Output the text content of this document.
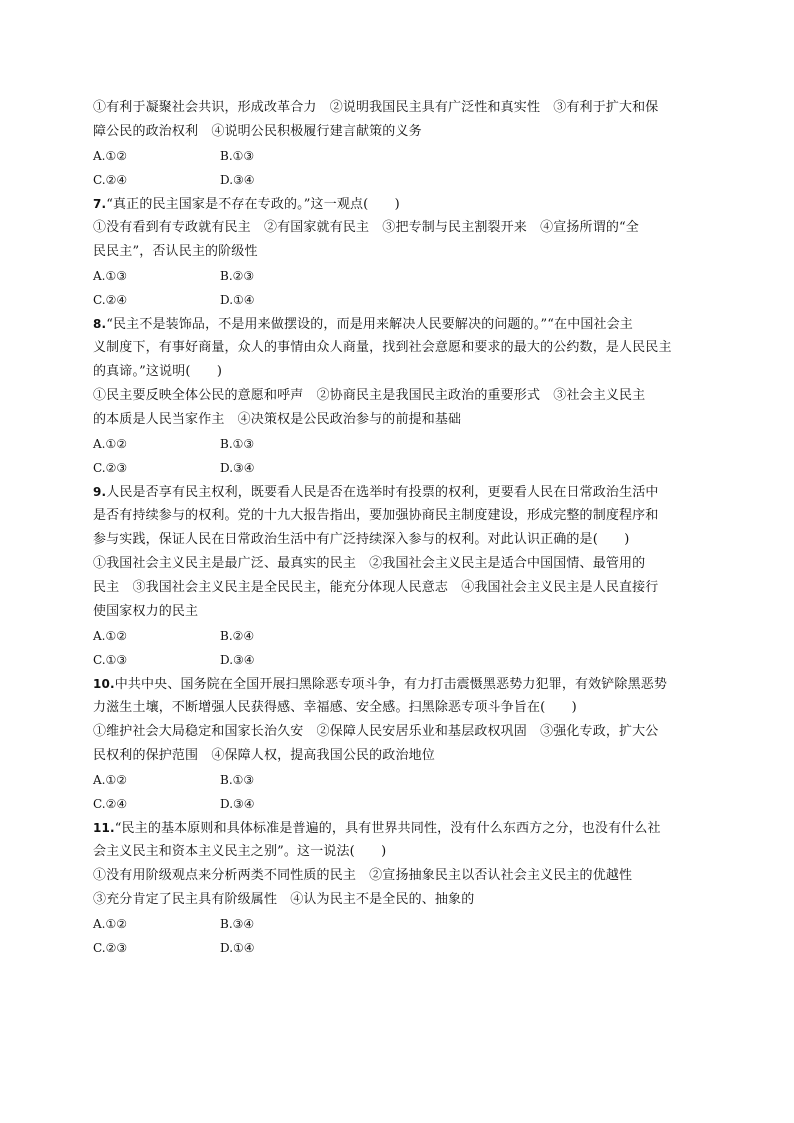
①有利于凝聚社会共识，形成改革合力　②说明我国民主具有广泛性和真实性　③有利于扩大和保
障公民的政治权利　④说明公民积极履行建言献策的义务
A.①②	B.①③
C.②④	D.③④
7.“真正的民主国家是不存在专政的。”这一观点(　　)
①没有看到有专政就有民主　②有国家就有民主　③把专制与民主割裂开来　④宣扬所谓的“全
民民主”，否认民主的阶级性
A.①③	B.②③
C.②④	D.①④
8.“民主不是装饰品，不是用来做摆设的，而是用来解决人民要解决的问题的。”“在中国社会主
义制度下，有事好商量，众人的事情由众人商量，找到社会意愿和要求的最大的公约数，是人民民主
的真谛。”这说明(　　)
①民主要反映全体公民的意愿和呼声　②协商民主是我国民主政治的重要形式　③社会主义民主
的本质是人民当家作主　④决策权是公民政治参与的前提和基础
A.①②	B.①③
C.②③	D.③④
9.人民是否享有民主权利，既要看人民是否在选举时有投票的权利，更要看人民在日常政治生活中
是否有持续参与的权利。党的十九大报告指出，要加强协商民主制度建设，形成完整的制度程序和
参与实践，保证人民在日常政治生活中有广泛持续深入参与的权利。对此认识正确的是(　　)
①我国社会主义民主是最广泛、最真实的民主　②我国社会主义民主是适合中国国情、最管用的
民主　③我国社会主义民主是全民民主，能充分体现人民意志　④我国社会主义民主是人民直接行
使国家权力的民主
A.①②	B.②④
C.①③	D.③④
10.中共中央、国务院在全国开展扫黑除恶专项斗争，有力打击震慑黑恶势力犯罪，有效铲除黑恶势
力滋生土壤，不断增强人民获得感、幸福感、安全感。扫黑除恶专项斗争旨在(　　)
①维护社会大局稳定和国家长治久安　②保障人民安居乐业和基层政权巩固　③强化专政，扩大公
民权利的保护范围　④保障人权，提高我国公民的政治地位
A.①②	B.①③
C.②④	D.③④
11.“民主的基本原则和具体标准是普遍的，具有世界共同性，没有什么东西方之分，也没有什么社
会主义民主和资本主义民主之别”。这一说法(　　)
①没有用阶级观点来分析两类不同性质的民主　②宣扬抽象民主以否认社会主义民主的优越性
③充分肯定了民主具有阶级属性　④认为民主不是全民的、抽象的
A.①②	B.③④
C.②③	D.①④
